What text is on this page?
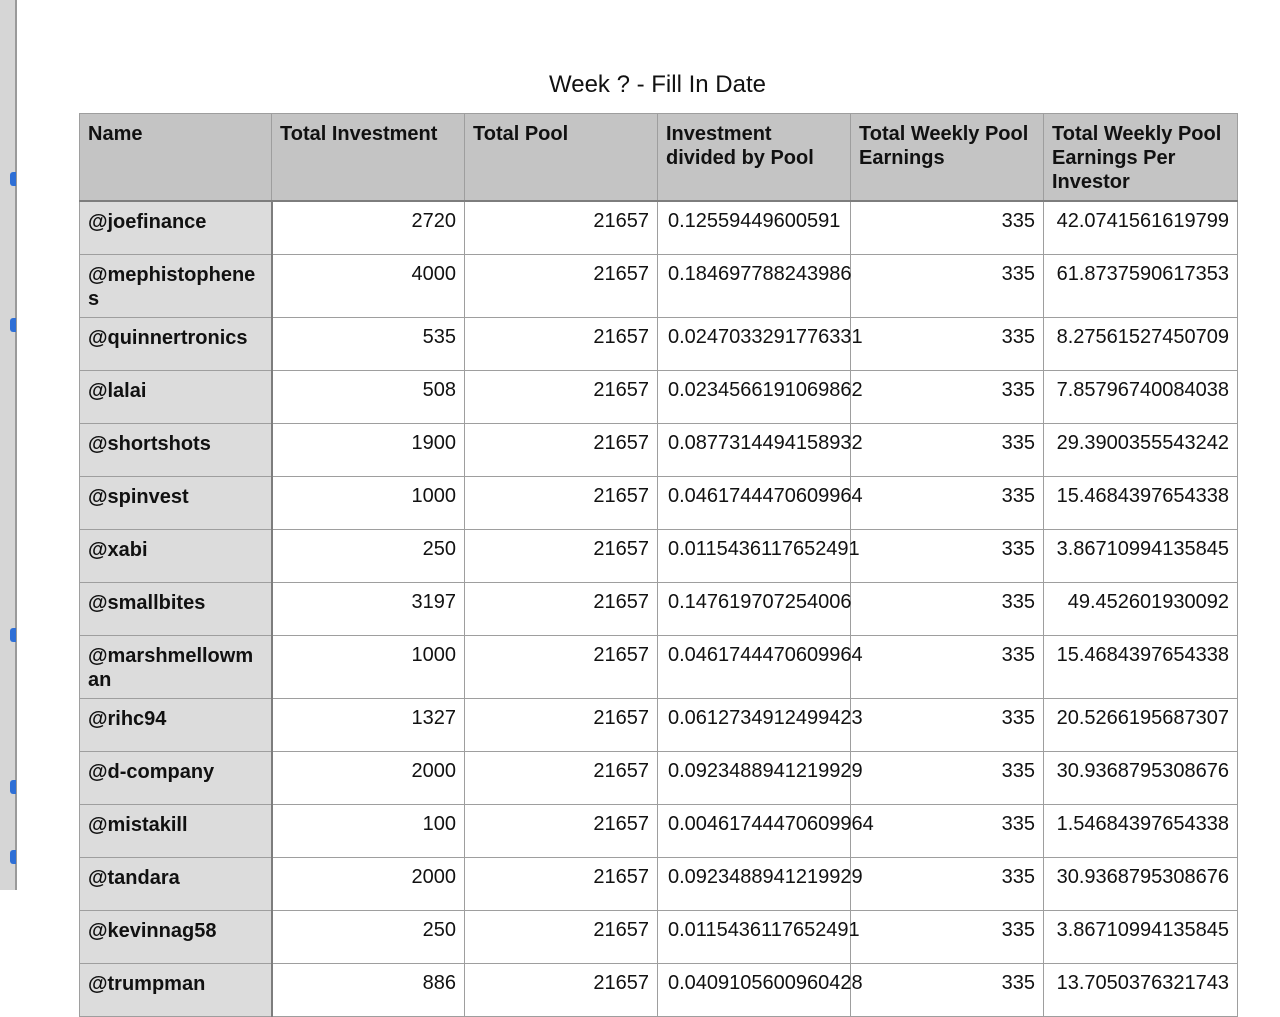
Week ? - Fill In Date
Name	Total Investment	Total Pool	Investment divided by Pool	Total Weekly Pool Earnings	Total Weekly Pool Earnings Per Investor
@joefinance	2720	21657	0.12559449600591	335	42.0741561619799
@mephistophenes	4000	21657	0.184697788243986	335	61.8737590617353
@quinnertronics	535	21657	0.0247033291776331	335	8.27561527450709
@lalai	508	21657	0.0234566191069862	335	7.85796740084038
@shortshots	1900	21657	0.0877314494158932	335	29.3900355543242
@spinvest	1000	21657	0.0461744470609964	335	15.4684397654338
@xabi	250	21657	0.0115436117652491	335	3.86710994135845
@smallbites	3197	21657	0.147619707254006	335	49.452601930092
@marshmellowman	1000	21657	0.0461744470609964	335	15.4684397654338
@rihc94	1327	21657	0.0612734912499423	335	20.5266195687307
@d-company	2000	21657	0.0923488941219929	335	30.9368795308676
@mistakill	100	21657	0.00461744470609964	335	1.54684397654338
@tandara	2000	21657	0.0923488941219929	335	30.9368795308676
@kevinnag58	250	21657	0.0115436117652491	335	3.86710994135845
@trumpman	886	21657	0.0409105600960428	335	13.7050376321743
